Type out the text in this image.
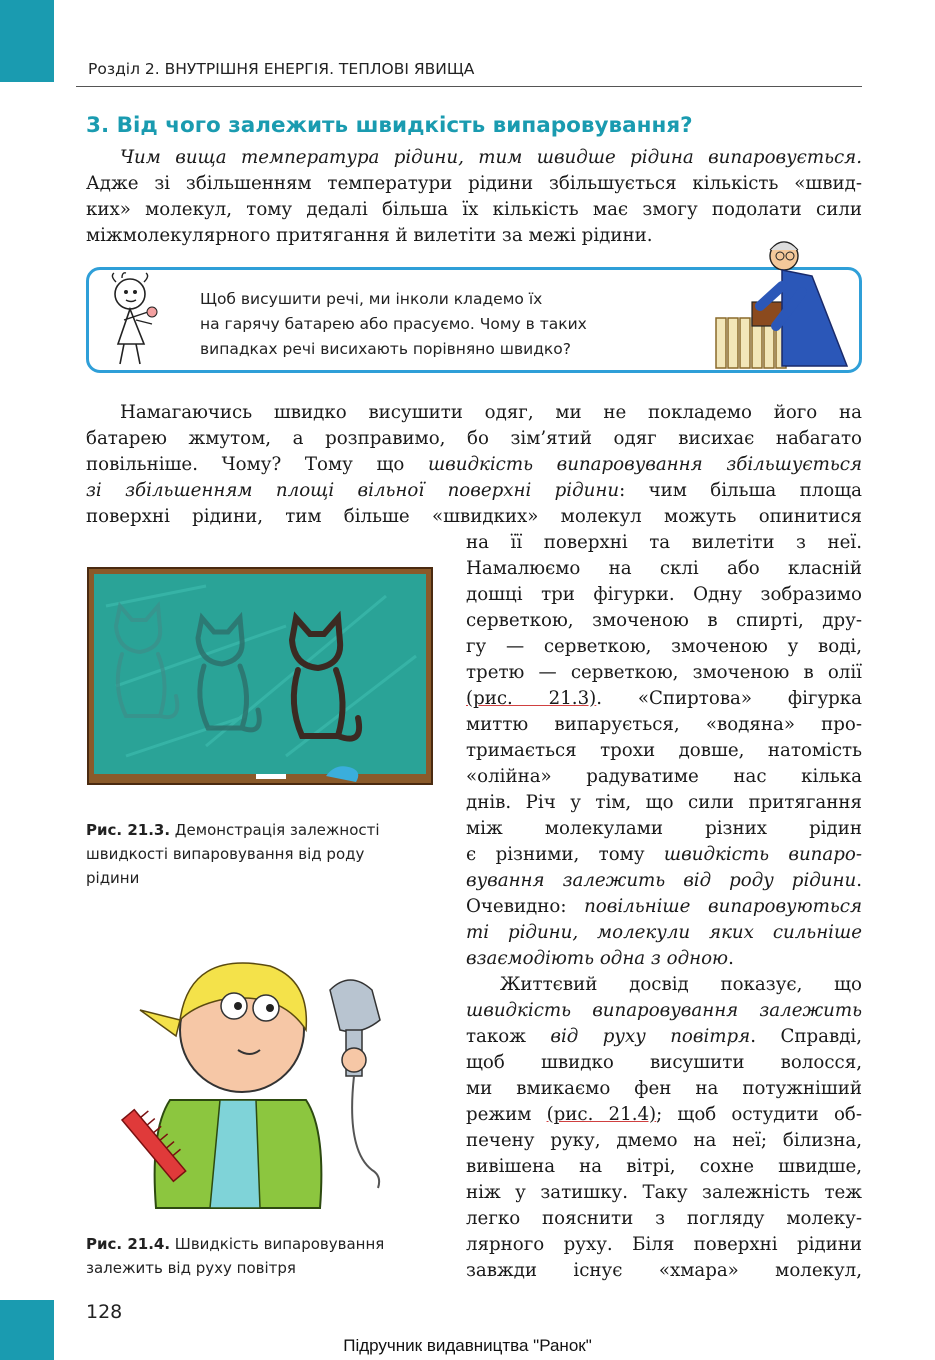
Розділ 2. ВНУТРІШНЯ ЕНЕРГІЯ. ТЕПЛОВІ ЯВИЩА
3. Від чого залежить швидкість випаровування?
Чим вища температура рідини, тим швидше рідина випаровується.
Адже зі збільшенням температури рідини збільшується кількість «швид-
ких» молекул, тому дедалі більша їх кількість має змогу подолати сили
міжмолекулярного притягання й вилетіти за межі рідини.
Щоб висушити речі, ми інколи кладемо їх
на гарячу батарею або прасуємо. Чому в таких
випадках речі висихають порівняно швидко?
Намагаючись швидко висушити одяг, ми не покладемо його на
батарею жмутом, а розправимо, бо зім’ятий одяг висихає набагато
повільніше. Чому? Тому що швидкість випаровування збільшується
зі збільшенням площі вільної поверхні рідини: чим більша площа
поверхні рідини, тим більше «швидких» молекул можуть опинитися
на її поверхні та вилетіти з неї.
Намалюємо на склі або класній
дошці три фігурки. Одну зобразимо
серветкою, змоченою в спирті, дру-
гу — серветкою, змоченою у воді,
третю — серветкою, змоченою в олії
(рис. 21.3). «Спиртова» фігурка
миттю випарується, «водяна» про-
тримається трохи довше, натомість
«олійна» радуватиме нас кілька
днів. Річ у тім, що сили притягання
між молекулами різних рідин
є різними, тому швидкість випаро-
вування залежить від роду рідини.
Очевидно: повільніше випаровуються
ті рідини, молекули яких сильніше
взаємодіють одна з одною.
Життєвий досвід показує, що
швидкість випаровування залежить
також від руху повітря. Справді,
щоб швидко висушити волосся,
ми вмикаємо фен на потужніший
режим (рис. 21.4); щоб остудити об-
печену руку, дмемо на неї; білизна,
вивішена на вітрі, сохне швидше,
ніж у затишку. Таку залежність теж
легко пояснити з погляду молеку-
лярного руху. Біля поверхні рідини
завжди існує «хмара» молекул,
Рис. 21.3. Демонстрація залежності
швидкості випаровування від роду
рідини
Рис. 21.4. Швидкість випаровування
залежить від руху повітря
128
Підручник видавництва "Ранок"
